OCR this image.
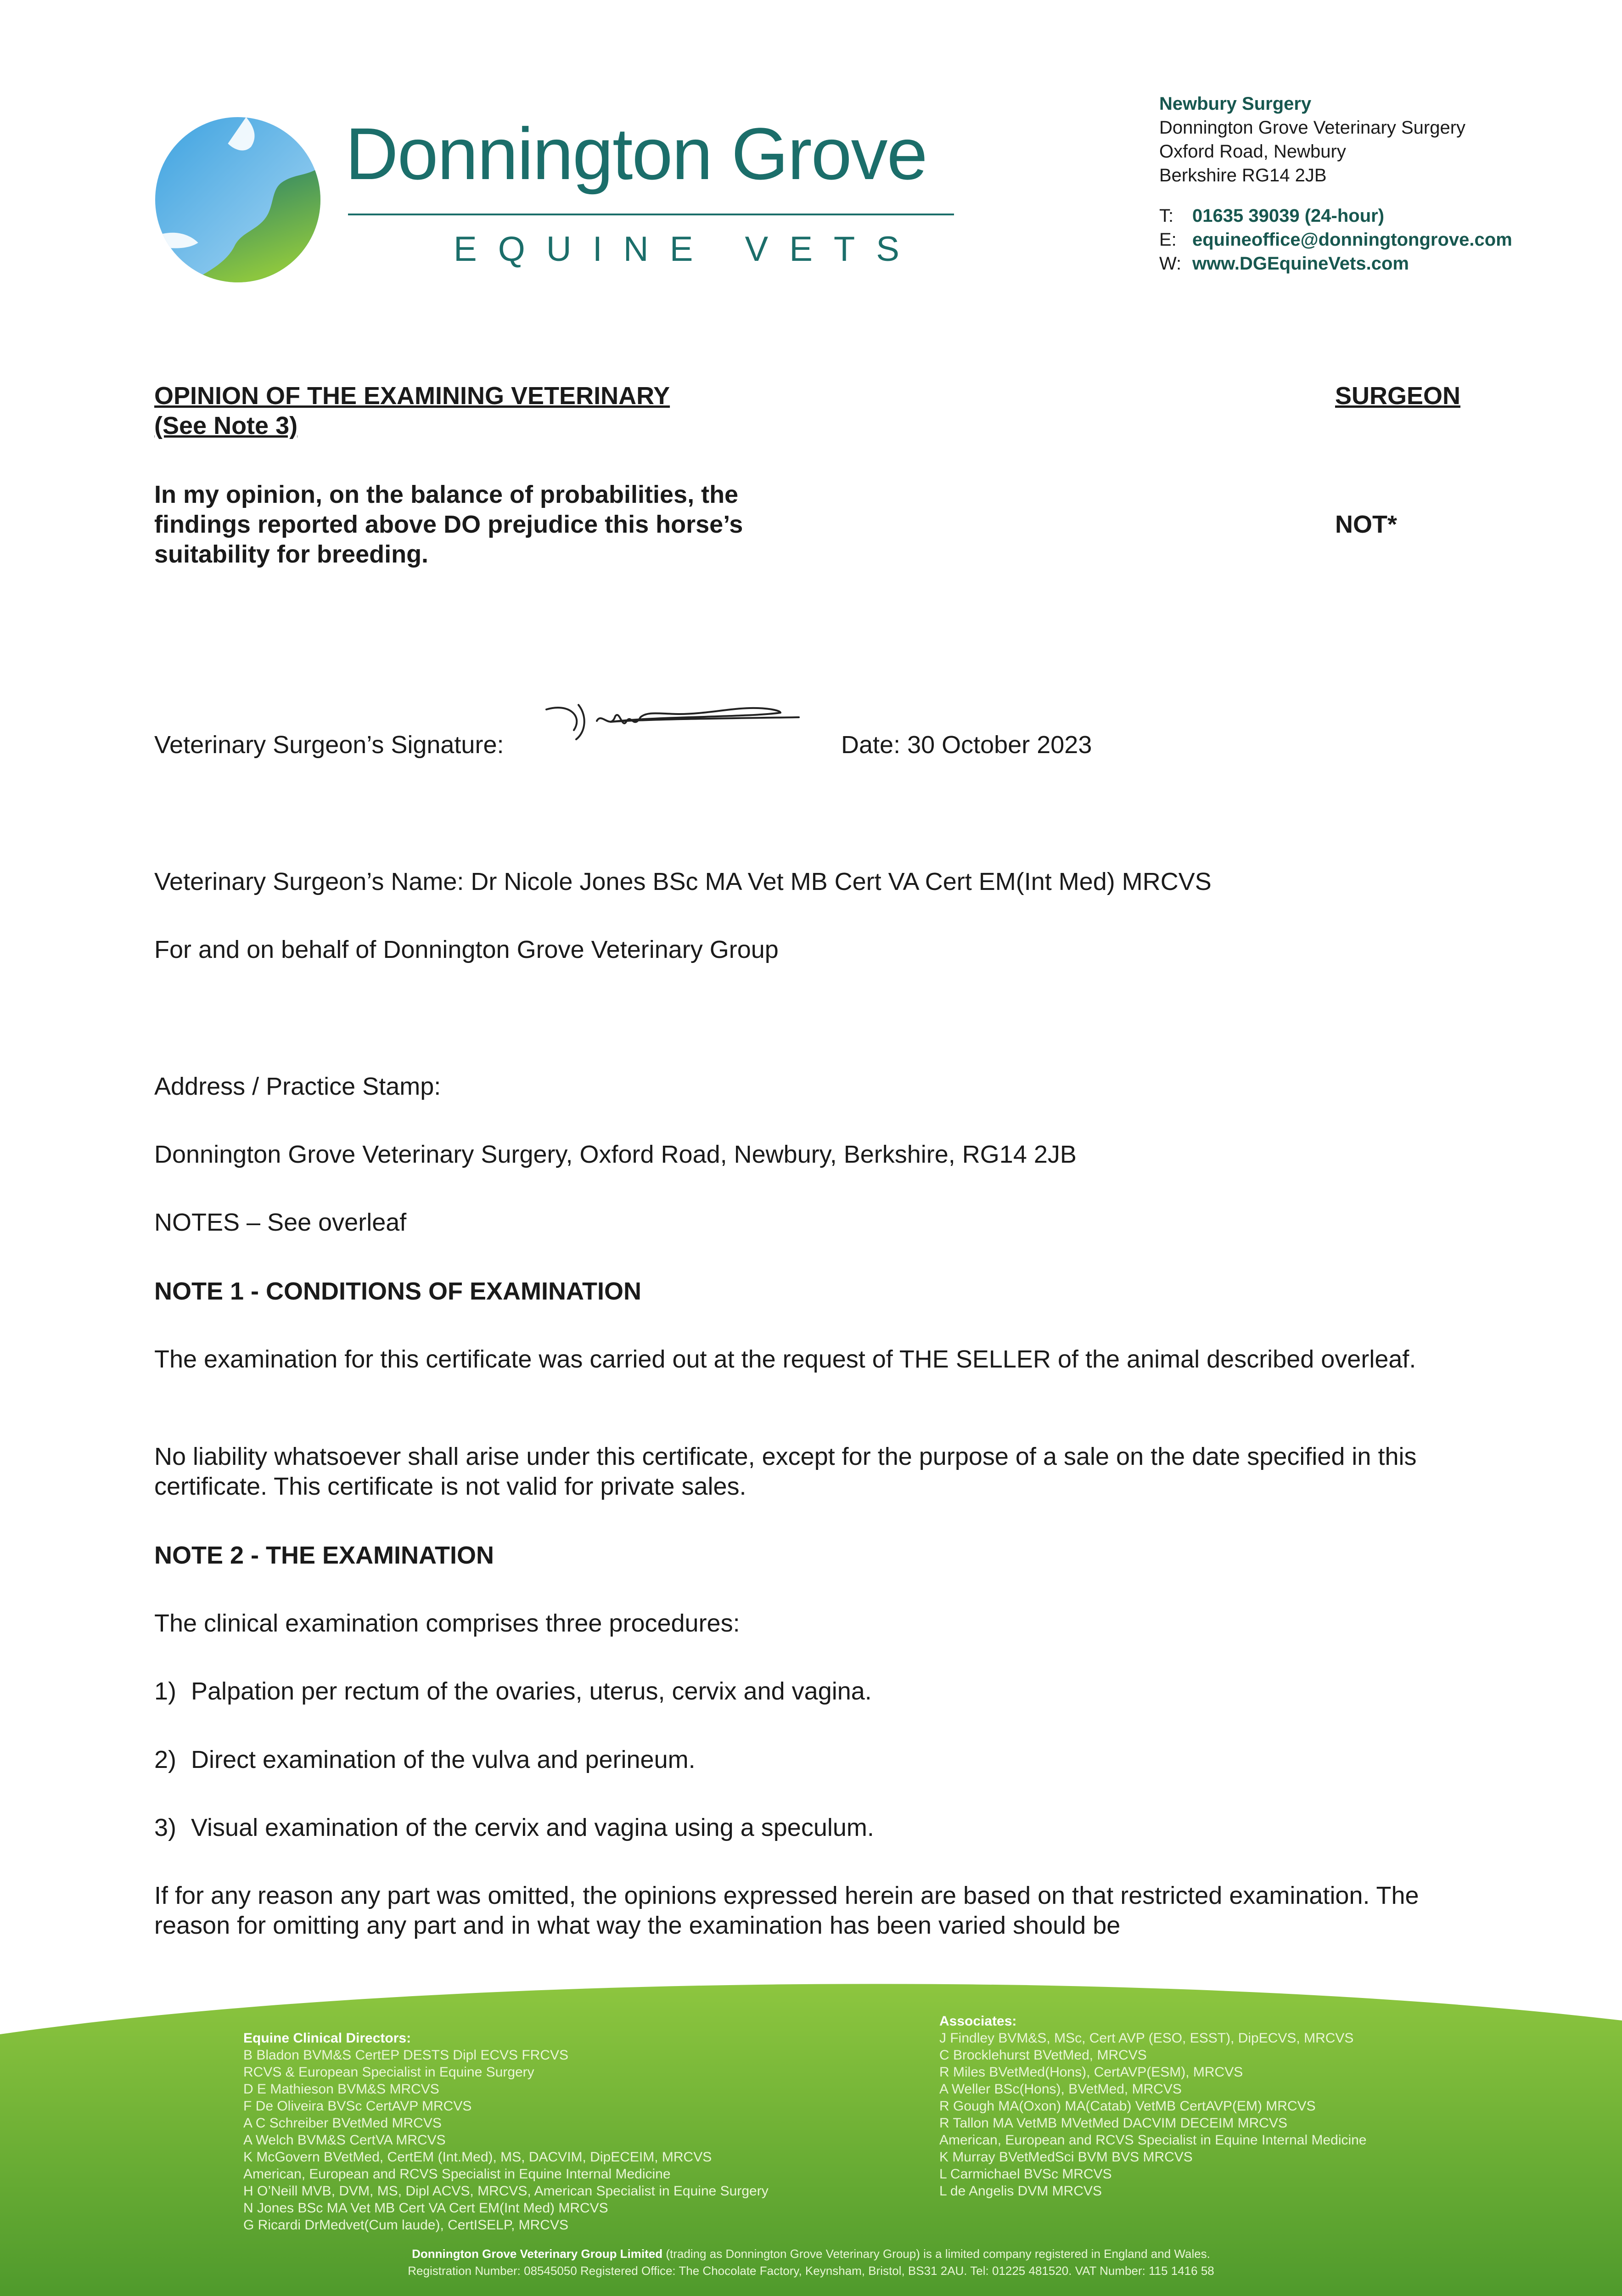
Donnington Grove
EQUINE VETS
Newbury Surgery
Donnington Grove Veterinary Surgery
Oxford Road, Newbury
Berkshire RG14 2JB
T:	01635 39039 (24-hour)
E: equineoffice@donningtongrove.com
W: www.DGEquineVets.com
OPINION OF THE EXAMINING VETERINARY
(See Note 3)
SURGEON
In my opinion, on the balance of probabilities, the findings reported above DO prejudice this horse’s suitability for breeding.
NOT*
Veterinary Surgeon’s Signature:	Date: 30 October 2023
Veterinary Surgeon’s Name: Dr Nicole Jones BSc MA Vet MB Cert VA Cert EM(Int Med) MRCVS
For and on behalf of Donnington Grove Veterinary Group
Address / Practice Stamp:
Donnington Grove Veterinary Surgery, Oxford Road, Newbury, Berkshire, RG14 2JB
NOTES – See overleaf
NOTE 1 - CONDITIONS OF EXAMINATION
The examination for this certificate was carried out at the request of THE SELLER of the animal described overleaf.
No liability whatsoever shall arise under this certificate, except for the purpose of a sale on the date specified in this certificate. This certificate is not valid for private sales.
NOTE 2 - THE EXAMINATION
The clinical examination comprises three procedures:
1) Palpation per rectum of the ovaries, uterus, cervix and vagina.
2) Direct examination of the vulva and perineum.
3) Visual examination of the cervix and vagina using a speculum.
If for any reason any part was omitted, the opinions expressed herein are based on that restricted examination. The reason for omitting any part and in what way the examination has been varied should be
Equine Clinical Directors:
B Bladon BVM&S CertEP DESTS Dipl ECVS FRCVS
RCVS & European Specialist in Equine Surgery
D E Mathieson BVM&S MRCVS
F De Oliveira BVSc CertAVP MRCVS
A C Schreiber BVetMed MRCVS
A Welch BVM&S CertVA MRCVS
K McGovern BVetMed, CertEM (Int.Med), MS, DACVIM, DipECEIM, MRCVS
American, European and RCVS Specialist in Equine Internal Medicine
H O’Neill MVB, DVM, MS, Dipl ACVS, MRCVS, American Specialist in Equine Surgery
N Jones BSc MA Vet MB Cert VA Cert EM(Int Med) MRCVS
G Ricardi DrMedvet(Cum laude), CertISELP, MRCVS
Associates:
J Findley BVM&S, MSc, Cert AVP (ESO, ESST), DipECVS, MRCVS
C Brocklehurst BVetMed, MRCVS
R Miles BVetMed(Hons), CertAVP(ESM), MRCVS
A Weller BSc(Hons), BVetMed, MRCVS
R Gough MA(Oxon) MA(Catab) VetMB CertAVP(EM) MRCVS
R Tallon MA VetMB MVetMed DACVIM DECEIM MRCVS
American, European and RCVS Specialist in Equine Internal Medicine
K Murray BVetMedSci BVM BVS MRCVS
L Carmichael BVSc MRCVS
L de Angelis DVM MRCVS
Donnington Grove Veterinary Group Limited (trading as Donnington Grove Veterinary Group) is a limited company registered in England and Wales.
Registration Number: 08545050 Registered Office: The Chocolate Factory, Keynsham, Bristol, BS31 2AU. Tel: 01225 481520. VAT Number: 115 1416 58
